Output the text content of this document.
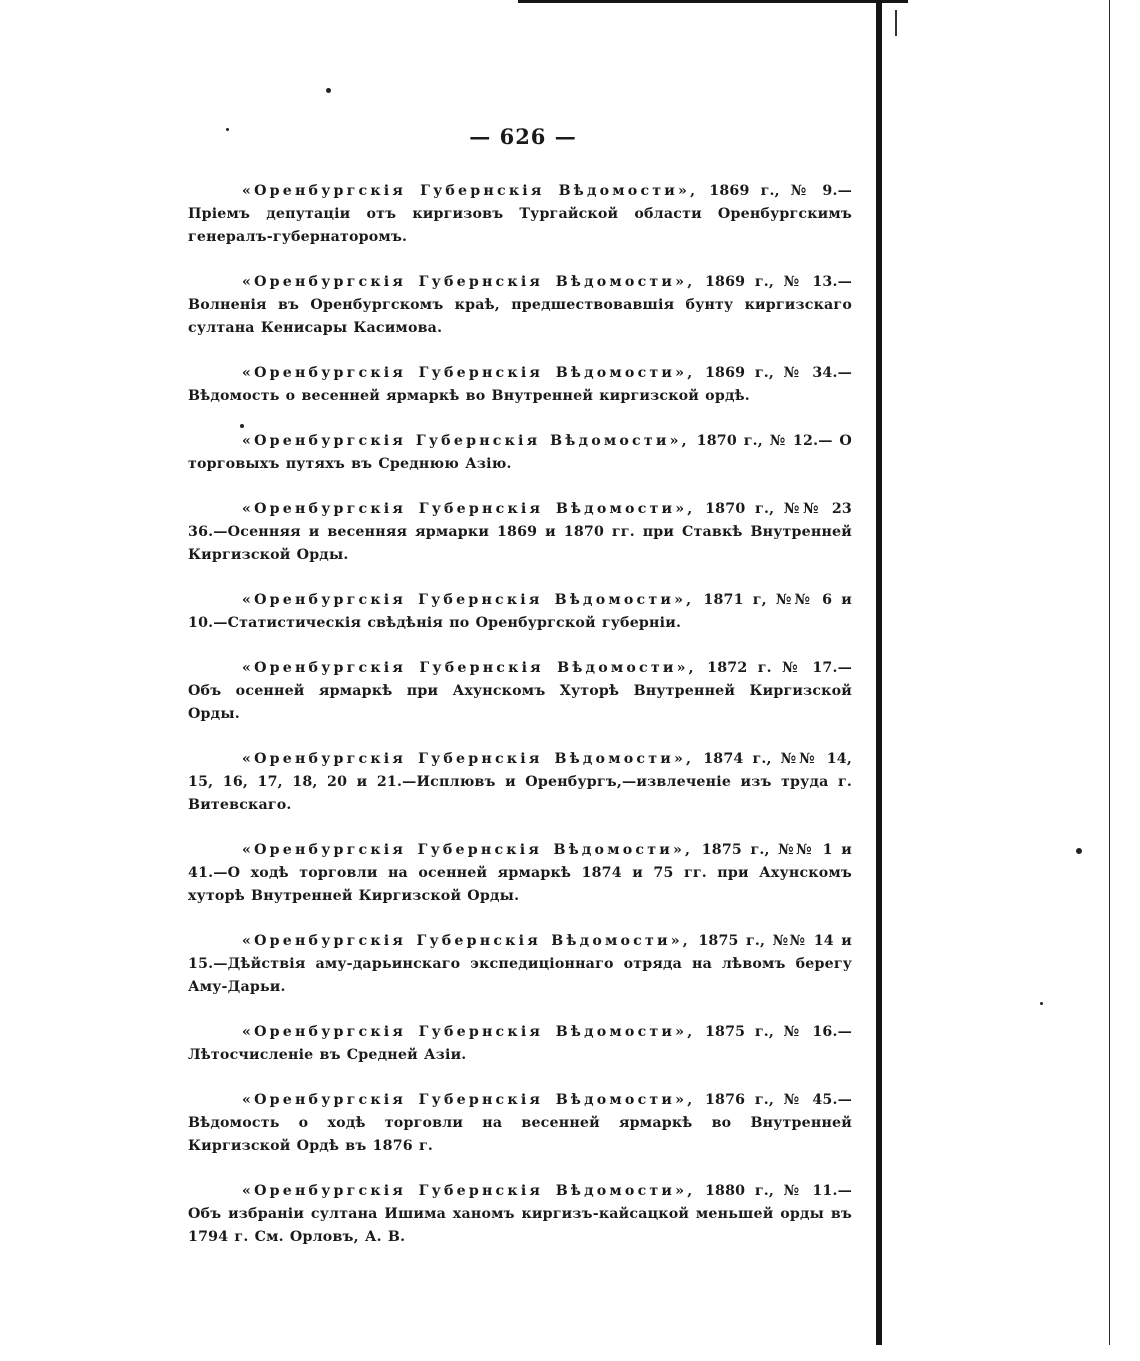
— 626 —

«Оренбургскія Губернскія Вѣдомости», 1869 г., № 9.— Пріемъ депутаціи отъ киргизовъ Тургайской области Оренбургскимъ генералъ-губернаторомъ.

«Оренбургскія Губернскія Вѣдомости», 1869 г., № 13.— Волненія въ Оренбургскомъ краѣ, предшествовавшія бунту киргизскаго султана Кенисары Касимова.

«Оренбургскія Губернскія Вѣдомости», 1869 г., № 34.— Вѣдомость о весенней ярмаркѣ во Внутренней киргизской ордѣ.

«Оренбургскія Губернскія Вѣдомости», 1870 г., № 12.— О торговыхъ путяхъ въ Среднюю Азію.

«Оренбургскія Губернскія Вѣдомости», 1870 г., №№ 23 36.—Осенняя и весенняя ярмарки 1869 и 1870 гг. при Ставкѣ Внутренней Киргизской Орды.

«Оренбургскія Губернскія Вѣдомости», 1871 г, №№ 6 и 10.—Статистическія свѣдѣнія по Оренбургской губерніи.

«Оренбургскія Губернскія Вѣдомости», 1872 г. № 17.— Объ осенней ярмаркѣ при Ахунскомъ Хуторѣ Внутренней Киргизской Орды.

«Оренбургскія Губернскія Вѣдомости», 1874 г., №№ 14, 15, 16, 17, 18, 20 и 21.—Исплювъ и Оренбургъ,—извлеченіе изъ труда г. Витевскаго.

«Оренбургскія Губернскія Вѣдомости», 1875 г., №№ 1 и 41.—О ходѣ торговли на осенней ярмаркѣ 1874 и 75 гг. при Ахунскомъ хуторѣ Внутренней Киргизской Орды.

«Оренбургскія Губернскія Вѣдомости», 1875 г., №№ 14 и 15.—Дѣйствія аму-дарьинскаго экспедиціоннаго отряда на лѣвомъ берегу Аму-Дарьи.

«Оренбургскія Губернскія Вѣдомости», 1875 г., № 16.— Лѣтосчисленіе въ Средней Азіи.

«Оренбургскія Губернскія Вѣдомости», 1876 г., № 45.— Вѣдомость о ходѣ торговли на весенней ярмаркѣ во Внутренней Киргизской Ордѣ въ 1876 г.

«Оренбургскія Губернскія Вѣдомости», 1880 г., № 11.— Объ избраніи султана Ишима ханомъ киргизъ-кайсацкой меньшей орды въ 1794 г. См. Орловъ, А. В.
